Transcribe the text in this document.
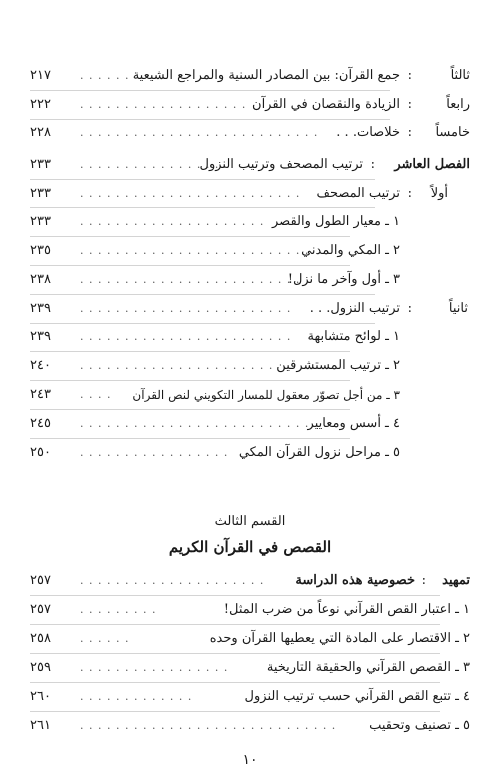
ثالثاً
:
جمع القرآن: بين المصادر السنية والمراجع الشيعية
. . . . . . .
٢١٧
رابعاً
:
الزيادة والنقصان في القرآن
. . . . . . . . . . . . . . . . . . .
٢٢٢
خامساً
:
خلاصات. . .
. . . . . . . . . . . . . . . . . . . . . . . . . . .
٢٢٨
الفصل العاشر
:
ترتيب المصحف وترتيب النزول
. . . . . . . . . . . . . . . . .
٢٣٣
أولاً
:
ترتيب المصحف
. . . . . . . . . . . . . . . . . . . . . . . . .
٢٣٣
١ ـ معيار الطول والقصر
. . . . . . . . . . . . . . . . . . . . .
٢٣٣
٢ ـ المكي والمدني
. . . . . . . . . . . . . . . . . . . . . . . . . .
٢٣٥
٣ ـ أول وآخر ما نزل!
. . . . . . . . . . . . . . . . . . . . . . . . .
٢٣٨
ثانياً
:
ترتيب النزول. . .
. . . . . . . . . . . . . . . . . . . . . . . .
٢٣٩
١ ـ لوائح متشابهة
. . . . . . . . . . . . . . . . . . . . . . . .
٢٣٩
٢ ـ ترتيب المستشرقين
. . . . . . . . . . . . . . . . . . . . . .
٢٤٠
٣ ـ من أجل تصوّر معقول للمسار التكويني لنص القرآن
. . . .
٢٤٣
٤ ـ أسس ومعايير
. . . . . . . . . . . . . . . . . . . . . . . . . .
٢٤٥
٥ ـ مراحل نزول القرآن المكي
. . . . . . . . . . . . . . . . .
٢٥٠
القسم الثالث
القصص في القرآن الكريم
تمهيد
:
خصوصية هذه الدراسة
. . . . . . . . . . . . . . . . . . . . .
٢٥٧
١ ـ اعتبار القص القرآني نوعاً من ضرب المثل!
. . . . . . . . .
٢٥٧
٢ ـ الاقتصار على المادة التي يعطيها القرآن وحده
. . . . . .
٢٥٨
٣ ـ القصص القرآني والحقيقة التاريخية
. . . . . . . . . . . . . . . . .
٢٥٩
٤ ـ تتبع القص القرآني حسب ترتيب النزول
. . . . . . . . . . . . .
٢٦٠
٥ ـ تصنيف وتحقيب
. . . . . . . . . . . . . . . . . . . . . . . . . . . . .
٢٦١
١٠
